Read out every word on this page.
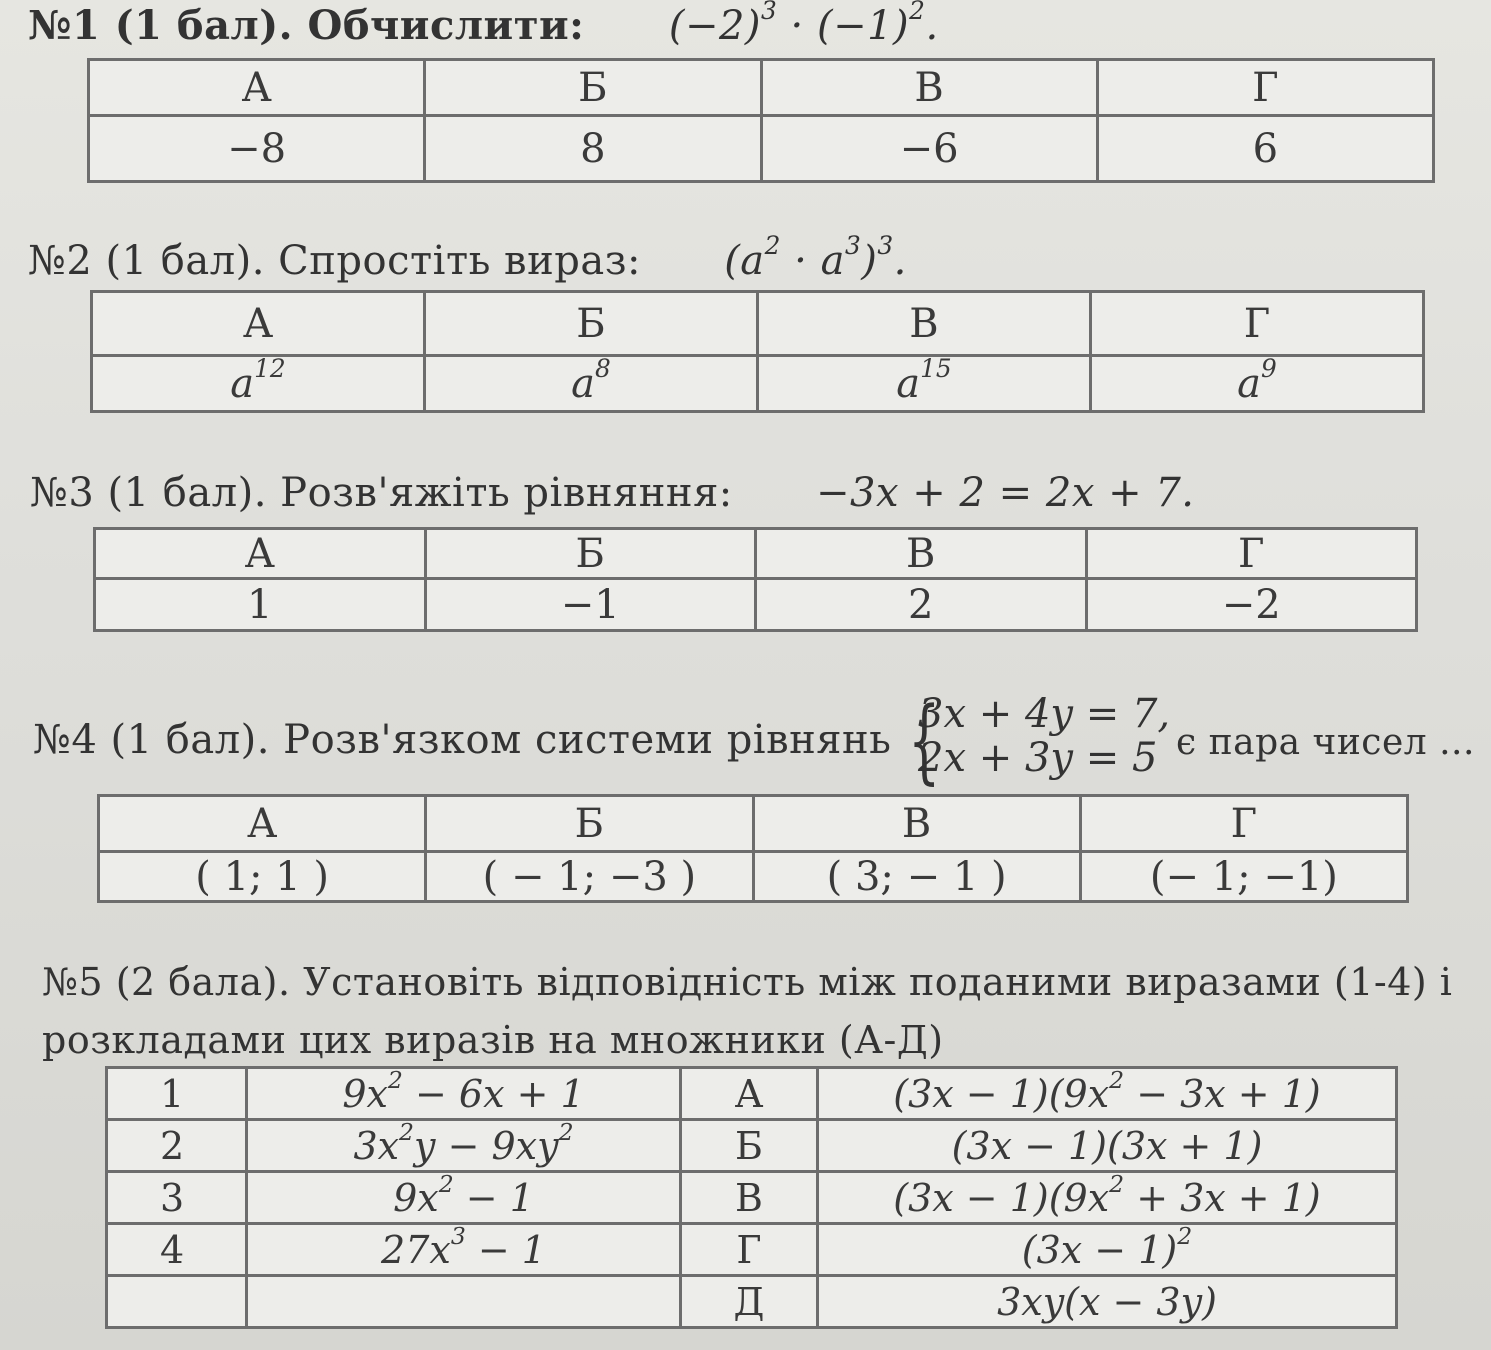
№1 (1 бал). Обчислити: $(-2)^3 \cdot (-1)^2$.
А	Б	В	Г
−8	8	−6	6
№2 (1 бал). Спростіть вираз: $(a^2 \cdot a^3)^3$.
А	Б	В	Г
$a^{12}$	$a^8$	$a^{15}$	$a^9$
№3 (1 бал). Розв'яжіть рівняння: −3x + 2 = 2x + 7.
А	Б	В	Г
1	−1	2	−2
№4 (1 бал). Розв'язком системи рівнянь {
3x + 4y = 7,
2x + 3y = 5 є пара чисел ...
А	Б	В	Г
( 1; 1 )	( − 1; −3 )	( 3; − 1 )	(− 1; −1)
№5 (2 бала). Установіть відповідність між поданими виразами (1-4) і
розкладами цих виразів на множники (А-Д)
1	$9x^2 - 6x + 1$	А	$(3x - 1)(9x^2 - 3x + 1)$
2	$3x^2y - 9xy^2$	Б	(3x − 1)(3x + 1)
3	$9x^2 - 1$	В	$(3x - 1)(9x^2 + 3x + 1)$
4	$27x^3 - 1$	Г	$(3x - 1)^2$
		Д	3xy(x − 3y)
